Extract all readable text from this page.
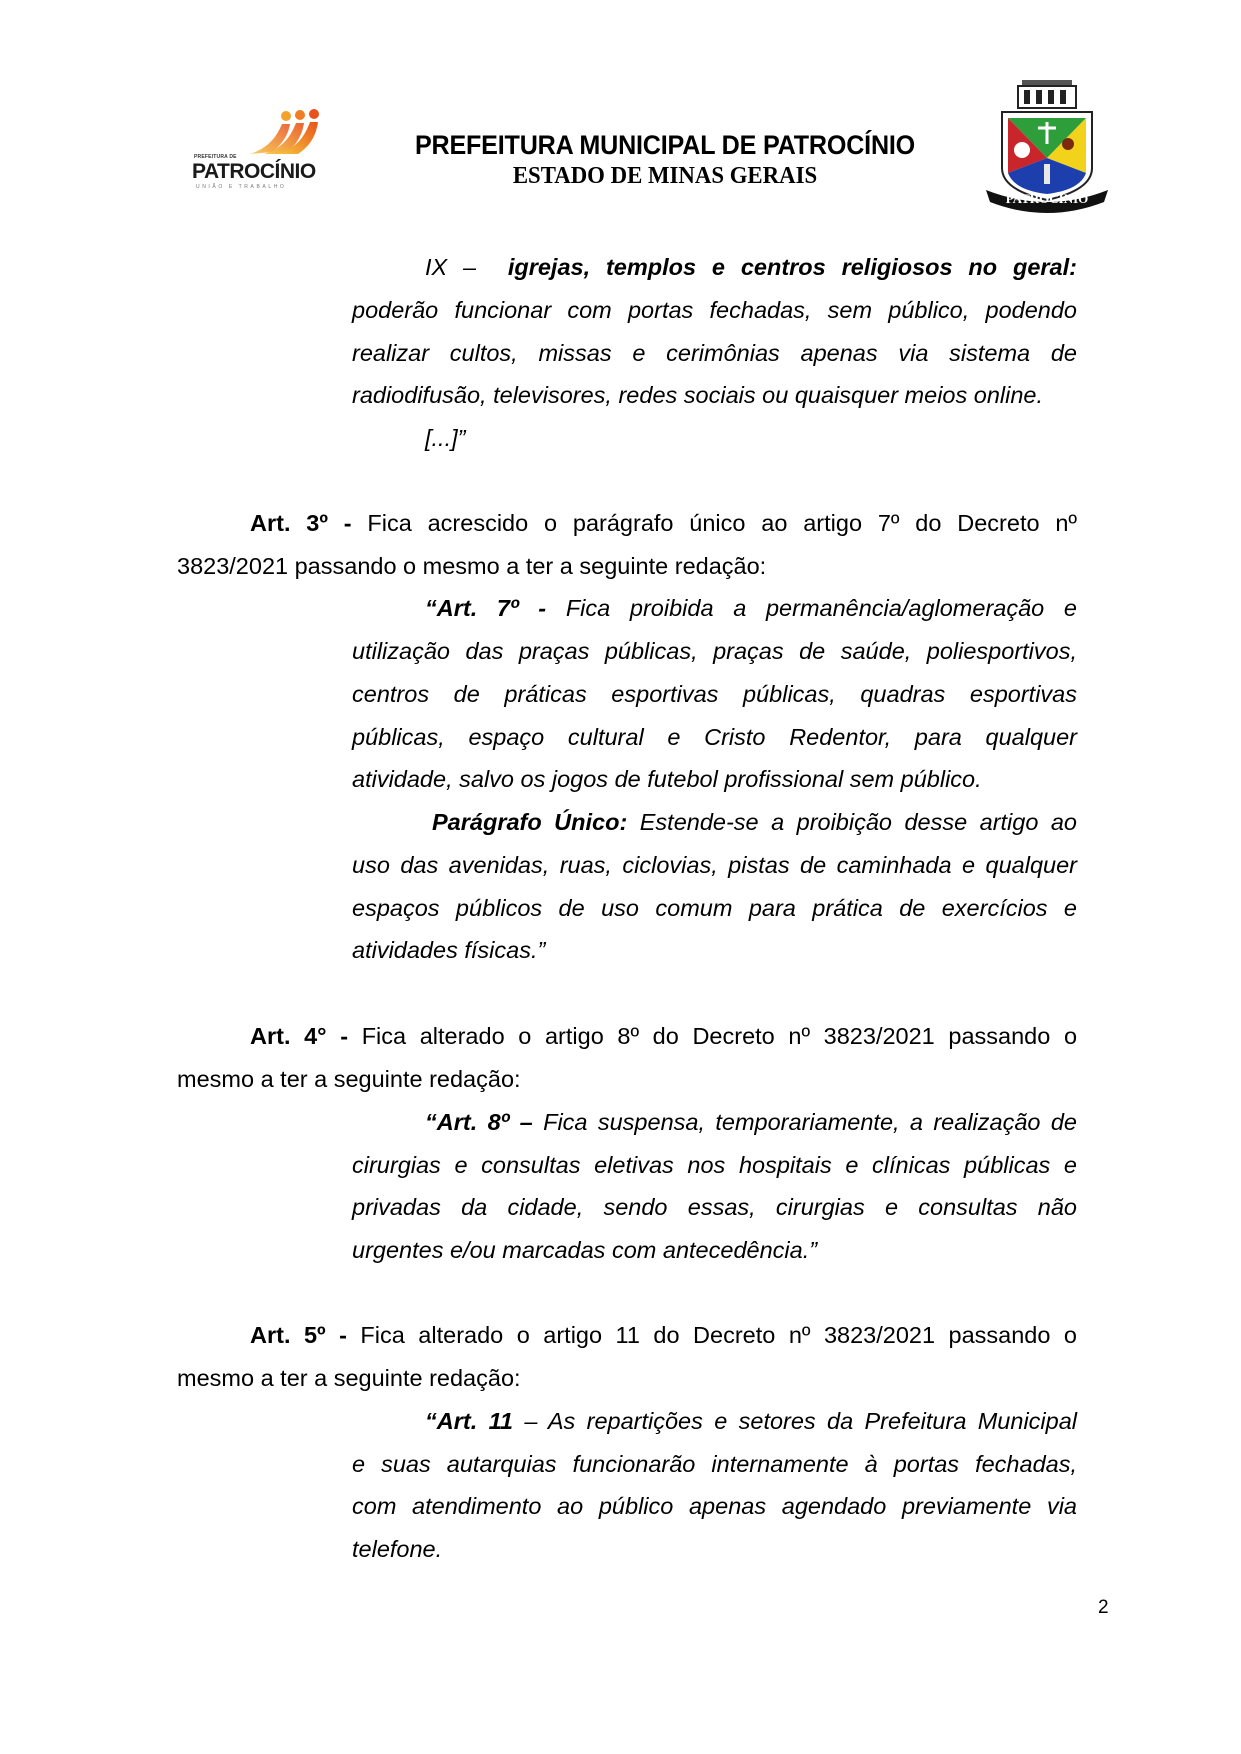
PREFEITURA DE
PATROCÍNIO
UNIÃO E TRABALHO
PREFEITURA MUNICIPAL DE PATROCÍNIO
ESTADO DE MINAS GERAIS
PATROCINIO
IX – igrejas, templos e centros religiosos no geral:
poderão funcionar com portas fechadas, sem público, podendo
realizar cultos, missas e cerimônias apenas via sistema de
radiodifusão, televisores, redes sociais ou quaisquer meios online.
[...]”
Art. 3º - Fica acrescido o parágrafo único ao artigo 7º do Decreto nº
3823/2021 passando o mesmo a ter a seguinte redação:
“Art. 7º - Fica proibida a permanência/aglomeração e
utilização das praças públicas, praças de saúde, poliesportivos,
centros de práticas esportivas públicas, quadras esportivas
públicas, espaço cultural e Cristo Redentor, para qualquer
atividade, salvo os jogos de futebol profissional sem público.
Parágrafo Único: Estende-se a proibição desse artigo ao
uso das avenidas, ruas, ciclovias, pistas de caminhada e qualquer
espaços públicos de uso comum para prática de exercícios e
atividades físicas.”
Art. 4° - Fica alterado o artigo 8º do Decreto nº 3823/2021 passando o
mesmo a ter a seguinte redação:
“Art. 8º – Fica suspensa, temporariamente, a realização de
cirurgias e consultas eletivas nos hospitais e clínicas públicas e
privadas da cidade, sendo essas, cirurgias e consultas não
urgentes e/ou marcadas com antecedência.”
Art. 5º - Fica alterado o artigo 11 do Decreto nº 3823/2021 passando o
mesmo a ter a seguinte redação:
“Art. 11 – As repartições e setores da Prefeitura Municipal
e suas autarquias funcionarão internamente à portas fechadas,
com atendimento ao público apenas agendado previamente via
telefone.
2
